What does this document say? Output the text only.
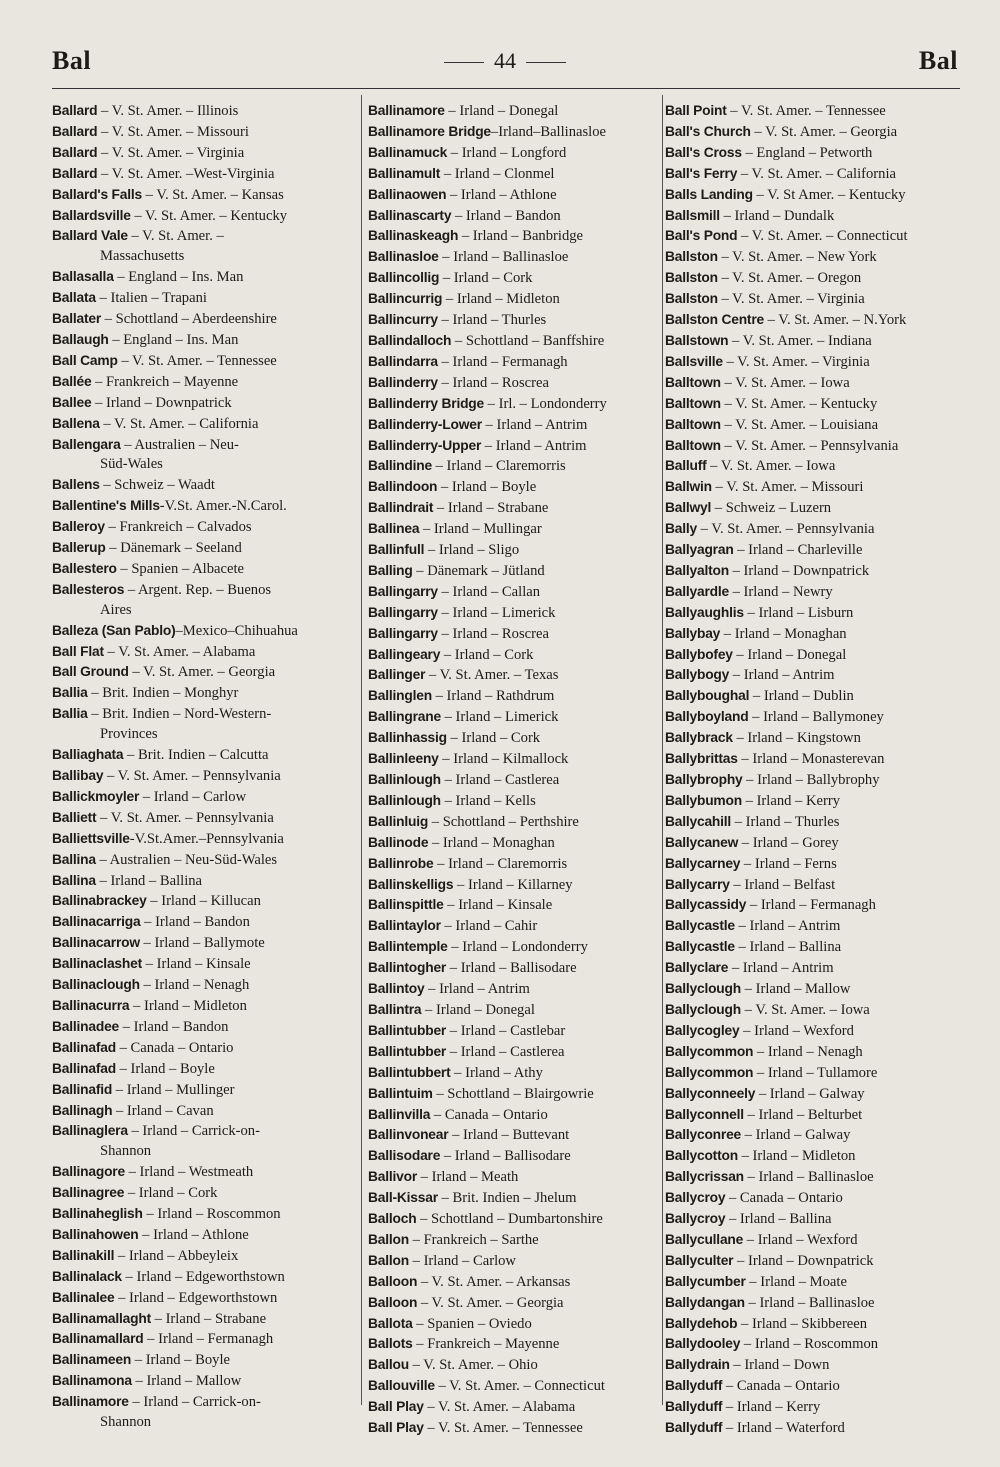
Bal	44	Bal
Ballard – V. St. Amer. – Illinois
Ballard – V. St. Amer. – Missouri
Ballard – V. St. Amer. – Virginia
Ballard – V. St. Amer. –West-Virginia
Ballard's Falls – V. St. Amer. – Kansas
Ballardsville – V. St. Amer. – Kentucky
Ballard Vale – V. St. Amer. –
Massachusetts
Ballasalla – England – Ins. Man
Ballata – Italien – Trapani
Ballater – Schottland – Aberdeenshire
Ballaugh – England – Ins. Man
Ball Camp – V. St. Amer. – Tennessee
Ballée – Frankreich – Mayenne
Ballee – Irland – Downpatrick
Ballena – V. St. Amer. – California
Ballengara – Australien – Neu-
Süd-Wales
Ballens – Schweiz – Waadt
Ballentine's Mills-V.St. Amer.-N.Carol.
Balleroy – Frankreich – Calvados
Ballerup – Dänemark – Seeland
Ballestero – Spanien – Albacete
Ballesteros – Argent. Rep. – Buenos
Aires
Balleza (San Pablo)–Mexico–Chihuahua
Ball Flat – V. St. Amer. – Alabama
Ball Ground – V. St. Amer. – Georgia
Ballia – Brit. Indien – Monghyr
Ballia – Brit. Indien – Nord-Western-
Provinces
Balliaghata – Brit. Indien – Calcutta
Ballibay – V. St. Amer. – Pennsylvania
Ballickmoyler – Irland – Carlow
Balliett – V. St. Amer. – Pennsylvania
Balliettsville-V.St.Amer.–Pennsylvania
Ballina – Australien – Neu-Süd-Wales
Ballina – Irland – Ballina
Ballinabrackey – Irland – Killucan
Ballinacarriga – Irland – Bandon
Ballinacarrow – Irland – Ballymote
Ballinaclashet – Irland – Kinsale
Ballinaclough – Irland – Nenagh
Ballinacurra – Irland – Midleton
Ballinadee – Irland – Bandon
Ballinafad – Canada – Ontario
Ballinafad – Irland – Boyle
Ballinafid – Irland – Mullinger
Ballinagh – Irland – Cavan
Ballinaglera – Irland – Carrick-on-
Shannon
Ballinagore – Irland – Westmeath
Ballinagree – Irland – Cork
Ballinaheglish – Irland – Roscommon
Ballinahowen – Irland – Athlone
Ballinakill – Irland – Abbeyleix
Ballinalack – Irland – Edgeworthstown
Ballinalee – Irland – Edgeworthstown
Ballinamallaght – Irland – Strabane
Ballinamallard – Irland – Fermanagh
Ballinameen – Irland – Boyle
Ballinamona – Irland – Mallow
Ballinamore – Irland – Carrick-on-
Shannon
Ballinamore – Irland – Donegal
Ballinamore Bridge–Irland–Ballinasloe
Ballinamuck – Irland – Longford
Ballinamult – Irland – Clonmel
Ballinaowen – Irland – Athlone
Ballinascarty – Irland – Bandon
Ballinaskeagh – Irland – Banbridge
Ballinasloe – Irland – Ballinasloe
Ballincollig – Irland – Cork
Ballincurrig – Irland – Midleton
Ballincurry – Irland – Thurles
Ballindalloch – Schottland – Banffshire
Ballindarra – Irland – Fermanagh
Ballinderry – Irland – Roscrea
Ballinderry Bridge – Irl. – Londonderry
Ballinderry-Lower – Irland – Antrim
Ballinderry-Upper – Irland – Antrim
Ballindine – Irland – Claremorris
Ballindoon – Irland – Boyle
Ballindrait – Irland – Strabane
Ballinea – Irland – Mullingar
Ballinfull – Irland – Sligo
Balling – Dänemark – Jütland
Ballingarry – Irland – Callan
Ballingarry – Irland – Limerick
Ballingarry – Irland – Roscrea
Ballingeary – Irland – Cork
Ballinger – V. St. Amer. – Texas
Ballinglen – Irland – Rathdrum
Ballingrane – Irland – Limerick
Ballinhassig – Irland – Cork
Ballinleeny – Irland – Kilmallock
Ballinlough – Irland – Castlerea
Ballinlough – Irland – Kells
Ballinluig – Schottland – Perthshire
Ballinode – Irland – Monaghan
Ballinrobe – Irland – Claremorris
Ballinskelligs – Irland – Killarney
Ballinspittle – Irland – Kinsale
Ballintaylor – Irland – Cahir
Ballintemple – Irland – Londonderry
Ballintogher – Irland – Ballisodare
Ballintoy – Irland – Antrim
Ballintra – Irland – Donegal
Ballintubber – Irland – Castlebar
Ballintubber – Irland – Castlerea
Ballintubbert – Irland – Athy
Ballintuim – Schottland – Blairgowrie
Ballinvilla – Canada – Ontario
Ballinvonear – Irland – Buttevant
Ballisodare – Irland – Ballisodare
Ballivor – Irland – Meath
Ball-Kissar – Brit. Indien – Jhelum
Balloch – Schottland – Dumbartonshire
Ballon – Frankreich – Sarthe
Ballon – Irland – Carlow
Balloon – V. St. Amer. – Arkansas
Balloon – V. St. Amer. – Georgia
Ballota – Spanien – Oviedo
Ballots – Frankreich – Mayenne
Ballou – V. St. Amer. – Ohio
Ballouville – V. St. Amer. – Connecticut
Ball Play – V. St. Amer. – Alabama
Ball Play – V. St. Amer. – Tennessee
Ball Point – V. St. Amer. – Tennessee
Ball's Church – V. St. Amer. – Georgia
Ball's Cross – England – Petworth
Ball's Ferry – V. St. Amer. – California
Balls Landing – V. St Amer. – Kentucky
Ballsmill – Irland – Dundalk
Ball's Pond – V. St. Amer. – Connecticut
Ballston – V. St. Amer. – New York
Ballston – V. St. Amer. – Oregon
Ballston – V. St. Amer. – Virginia
Ballston Centre – V. St. Amer. – N.York
Ballstown – V. St. Amer. – Indiana
Ballsville – V. St. Amer. – Virginia
Balltown – V. St. Amer. – Iowa
Balltown – V. St. Amer. – Kentucky
Balltown – V. St. Amer. – Louisiana
Balltown – V. St. Amer. – Pennsylvania
Balluff – V. St. Amer. – Iowa
Ballwin – V. St. Amer. – Missouri
Ballwyl – Schweiz – Luzern
Bally – V. St. Amer. – Pennsylvania
Ballyagran – Irland – Charleville
Ballyalton – Irland – Downpatrick
Ballyardle – Irland – Newry
Ballyaughlis – Irland – Lisburn
Ballybay – Irland – Monaghan
Ballybofey – Irland – Donegal
Ballybogy – Irland – Antrim
Ballyboughal – Irland – Dublin
Ballyboyland – Irland – Ballymoney
Ballybrack – Irland – Kingstown
Ballybrittas – Irland – Monasterevan
Ballybrophy – Irland – Ballybrophy
Ballybumon – Irland – Kerry
Ballycahill – Irland – Thurles
Ballycanew – Irland – Gorey
Ballycarney – Irland – Ferns
Ballycarry – Irland – Belfast
Ballycassidy – Irland – Fermanagh
Ballycastle – Irland – Antrim
Ballycastle – Irland – Ballina
Ballyclare – Irland – Antrim
Ballyclough – Irland – Mallow
Ballyclough – V. St. Amer. – Iowa
Ballycogley – Irland – Wexford
Ballycommon – Irland – Nenagh
Ballycommon – Irland – Tullamore
Ballyconneely – Irland – Galway
Ballyconnell – Irland – Belturbet
Ballyconree – Irland – Galway
Ballycotton – Irland – Midleton
Ballycrissan – Irland – Ballinasloe
Ballycroy – Canada – Ontario
Ballycroy – Irland – Ballina
Ballycullane – Irland – Wexford
Ballyculter – Irland – Downpatrick
Ballycumber – Irland – Moate
Ballydangan – Irland – Ballinasloe
Ballydehob – Irland – Skibbereen
Ballydooley – Irland – Roscommon
Ballydrain – Irland – Down
Ballyduff – Canada – Ontario
Ballyduff – Irland – Kerry
Ballyduff – Irland – Waterford
